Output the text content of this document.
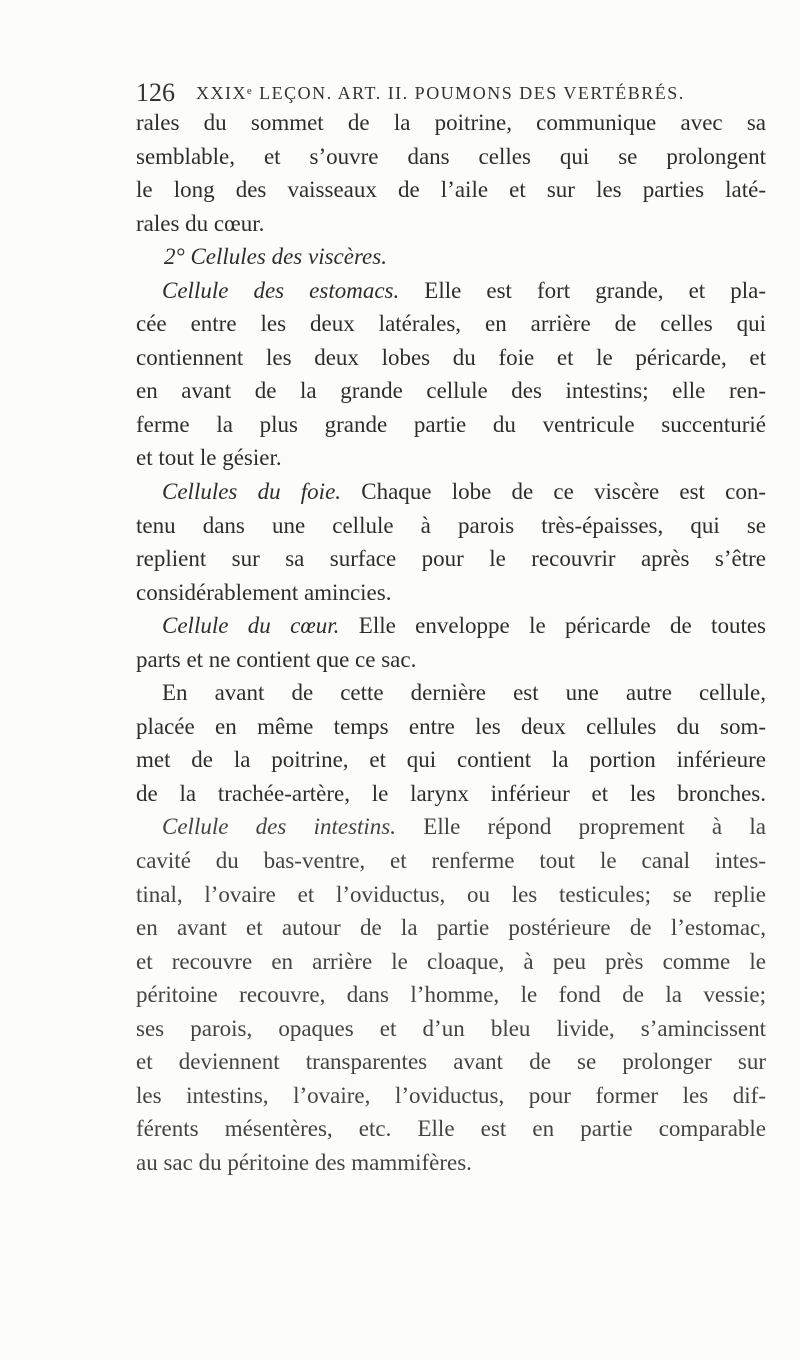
126 XXIXᵉ LEÇON. ART. II. POUMONS DES VERTÉBRÉS.
rales du sommet de la poitrine, communique avec sa
semblable, et s’ouvre dans celles qui se prolongent
le long des vaisseaux de l’aile et sur les parties laté-
rales du cœur.
2° Cellules des viscères.
Cellule des estomacs. Elle est fort grande, et pla-
cée entre les deux latérales, en arrière de celles qui
contiennent les deux lobes du foie et le péricarde, et
en avant de la grande cellule des intestins; elle ren-
ferme la plus grande partie du ventricule succenturié
et tout le gésier.
Cellules du foie. Chaque lobe de ce viscère est con-
tenu dans une cellule à parois très-épaisses, qui se
replient sur sa surface pour le recouvrir après s’être
considérablement amincies.
Cellule du cœur. Elle enveloppe le péricarde de toutes
parts et ne contient que ce sac.
En avant de cette dernière est une autre cellule,
placée en même temps entre les deux cellules du som-
met de la poitrine, et qui contient la portion inférieure
de la trachée-artère, le larynx inférieur et les bronches.
Cellule des intestins. Elle répond proprement à la
cavité du bas-ventre, et renferme tout le canal intes-
tinal, l’ovaire et l’oviductus, ou les testicules; se replie
en avant et autour de la partie postérieure de l’estomac,
et recouvre en arrière le cloaque, à peu près comme le
péritoine recouvre, dans l’homme, le fond de la vessie;
ses parois, opaques et d’un bleu livide, s’amincissent
et deviennent transparentes avant de se prolonger sur
les intestins, l’ovaire, l’oviductus, pour former les dif-
férents mésentères, etc. Elle est en partie comparable
au sac du péritoine des mammifères.
